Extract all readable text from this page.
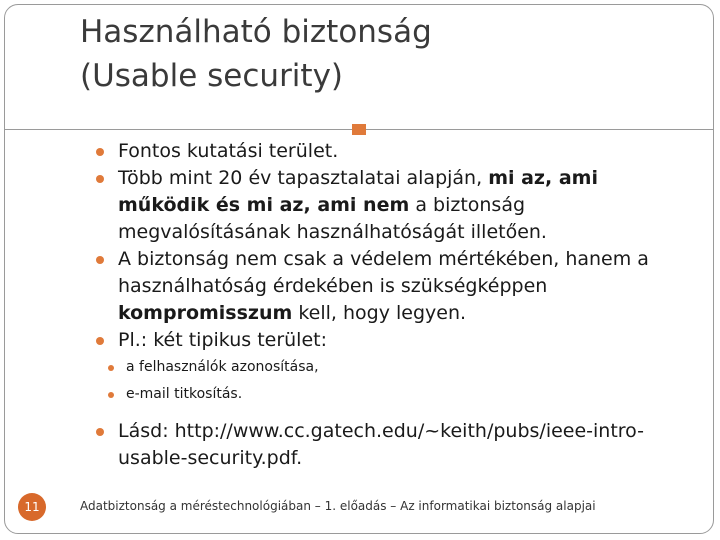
Használható biztonság
(Usable security)
Fontos kutatási terület.
Több mint 20 év tapasztalatai alapján, mi az, ami működik és mi az, ami nem a biztonság megvalósításának használhatóságát illetően.
A biztonság nem csak a védelem mértékében, hanem a használhatóság érdekében is szükségképpen kompromisszum kell, hogy legyen.
Pl.: két tipikus terület:
a felhasználók azonosítása,
e-mail titkosítás.
Lásd: http://www.cc.gatech.edu/~keith/pubs/ieee-intro-usable-security.pdf.
11	Adatbiztonság a méréstechnológiában – 1. előadás – Az informatikai biztonság alapjai
